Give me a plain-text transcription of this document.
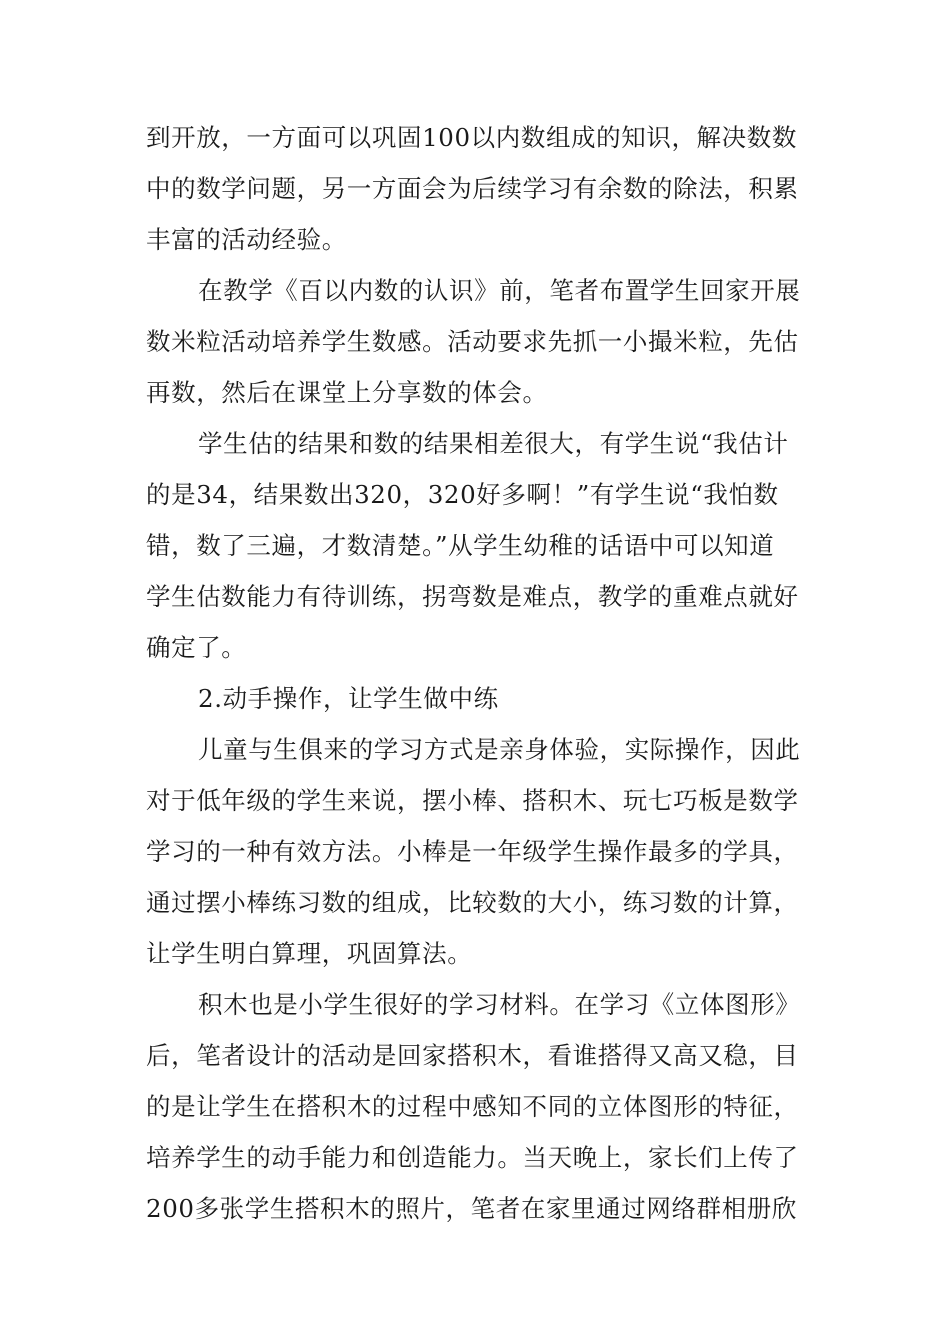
到开放，一方面可以巩固100以内数组成的知识，解决数数
中的数学问题，另一方面会为后续学习有余数的除法，积累
丰富的活动经验。
在教学《百以内数的认识》前，笔者布置学生回家开展
数米粒活动培养学生数感。活动要求先抓一小撮米粒，先估
再数，然后在课堂上分享数的体会。
学生估的结果和数的结果相差很大，有学生说“我估计
的是34，结果数出320，320好多啊！”有学生说“我怕数
错，数了三遍，才数清楚。”从学生幼稚的话语中可以知道
学生估数能力有待训练，拐弯数是难点，教学的重难点就好
确定了。
2.动手操作，让学生做中练
儿童与生俱来的学习方式是亲身体验，实际操作，因此
对于低年级的学生来说，摆小棒、搭积木、玩七巧板是数学
学习的一种有效方法。小棒是一年级学生操作最多的学具，
通过摆小棒练习数的组成，比较数的大小，练习数的计算，
让学生明白算理，巩固算法。
积木也是小学生很好的学习材料。在学习《立体图形》
后，笔者设计的活动是回家搭积木，看谁搭得又高又稳，目
的是让学生在搭积木的过程中感知不同的立体图形的特征，
培养学生的动手能力和创造能力。当天晚上，家长们上传了
200多张学生搭积木的照片，笔者在家里通过网络群相册欣
